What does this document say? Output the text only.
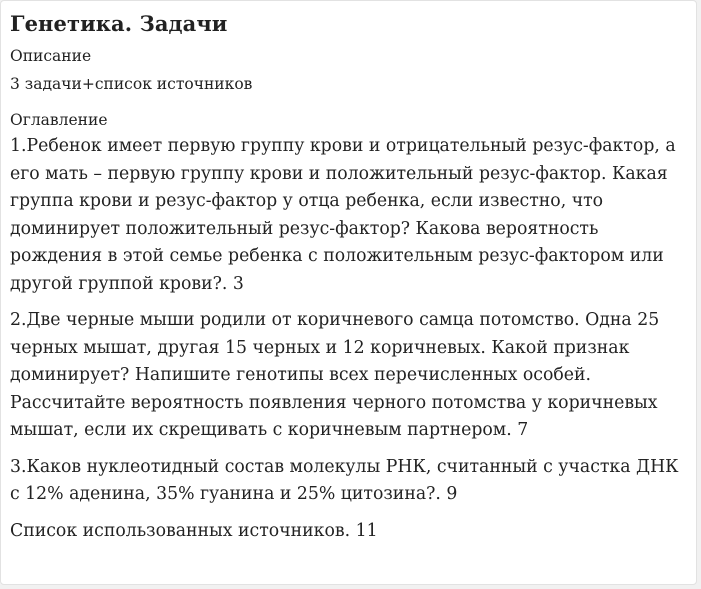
Генетика. Задачи
Описание
3 задачи+список источников
Оглавление
1.Ребенок имеет первую группу крови и отрицательный резус-фактор, а его мать – первую группу крови и положительный резус-фактор. Какая группа крови и резус-фактор у отца ребенка, если известно, что доминирует положительный резус-фактор? Какова вероятность рождения в этой семье ребенка с положительным резус-фактором или другой группой крови?. 3
2.Две черные мыши родили от коричневого самца потомство. Одна 25 черных мышат, другая 15 черных и 12 коричневых. Какой признак доминирует? Напишите генотипы всех перечисленных особей. Рассчитайте вероятность появления черного потомства у коричневых мышат, если их скрещивать с коричневым партнером. 7
3.Каков нуклеотидный состав молекулы РНК, считанный с участка ДНК с 12% аденина, 35% гуанина и 25% цитозина?. 9
Список использованных источников. 11
